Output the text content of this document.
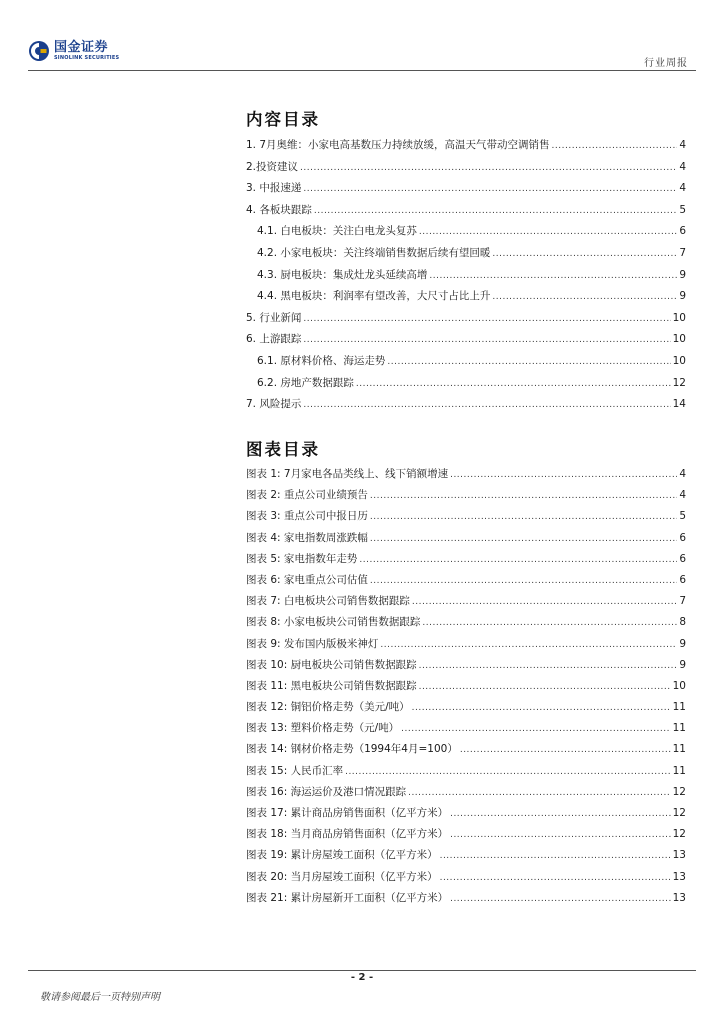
国金证券
SINOLINK SECURITIES
行业周报
内容目录
1. 7月奥维：小家电高基数压力持续放缓，高温天气带动空调销售 .....	4
2.投资建议 .....	4
3. 中报速递 .....	4
4. 各板块跟踪 .....	5
4.1. 白电板块：关注白电龙头复苏 .....	6
4.2. 小家电板块：关注终端销售数据后续有望回暖 .....	7
4.3. 厨电板块：集成灶龙头延续高增 .....	9
4.4. 黑电板块：利润率有望改善，大尺寸占比上升 .....	9
5. 行业新闻 .....	10
6. 上游跟踪 .....	10
6.1. 原材料价格、海运走势 .....	10
6.2. 房地产数据跟踪 .....	12
7. 风险提示 .....	14
图表目录
图表 1: 7月家电各品类线上、线下销额增速 .....	4
图表 2: 重点公司业绩预告 .....	4
图表 3: 重点公司中报日历 .....	5
图表 4: 家电指数周涨跌幅 .....	6
图表 5: 家电指数年走势 .....	6
图表 6: 家电重点公司估值 .....	6
图表 7: 白电板块公司销售数据跟踪 .....	7
图表 8: 小家电板块公司销售数据跟踪 .....	8
图表 9: 发布国内版极米神灯 .....	9
图表 10: 厨电板块公司销售数据跟踪 .....	9
图表 11: 黑电板块公司销售数据跟踪 .....	10
图表 12: 铜铝价格走势（美元/吨） .....	11
图表 13: 塑料价格走势（元/吨） .....	11
图表 14: 钢材价格走势（1994年4月=100） .....	11
图表 15: 人民币汇率 .....	11
图表 16: 海运运价及港口情况跟踪 .....	12
图表 17: 累计商品房销售面积（亿平方米） .....	12
图表 18: 当月商品房销售面积（亿平方米） .....	12
图表 19: 累计房屋竣工面积（亿平方米） .....	13
图表 20: 当月房屋竣工面积（亿平方米） .....	13
图表 21: 累计房屋新开工面积（亿平方米） .....	13
- 2 -
敬请参阅最后一页特别声明
